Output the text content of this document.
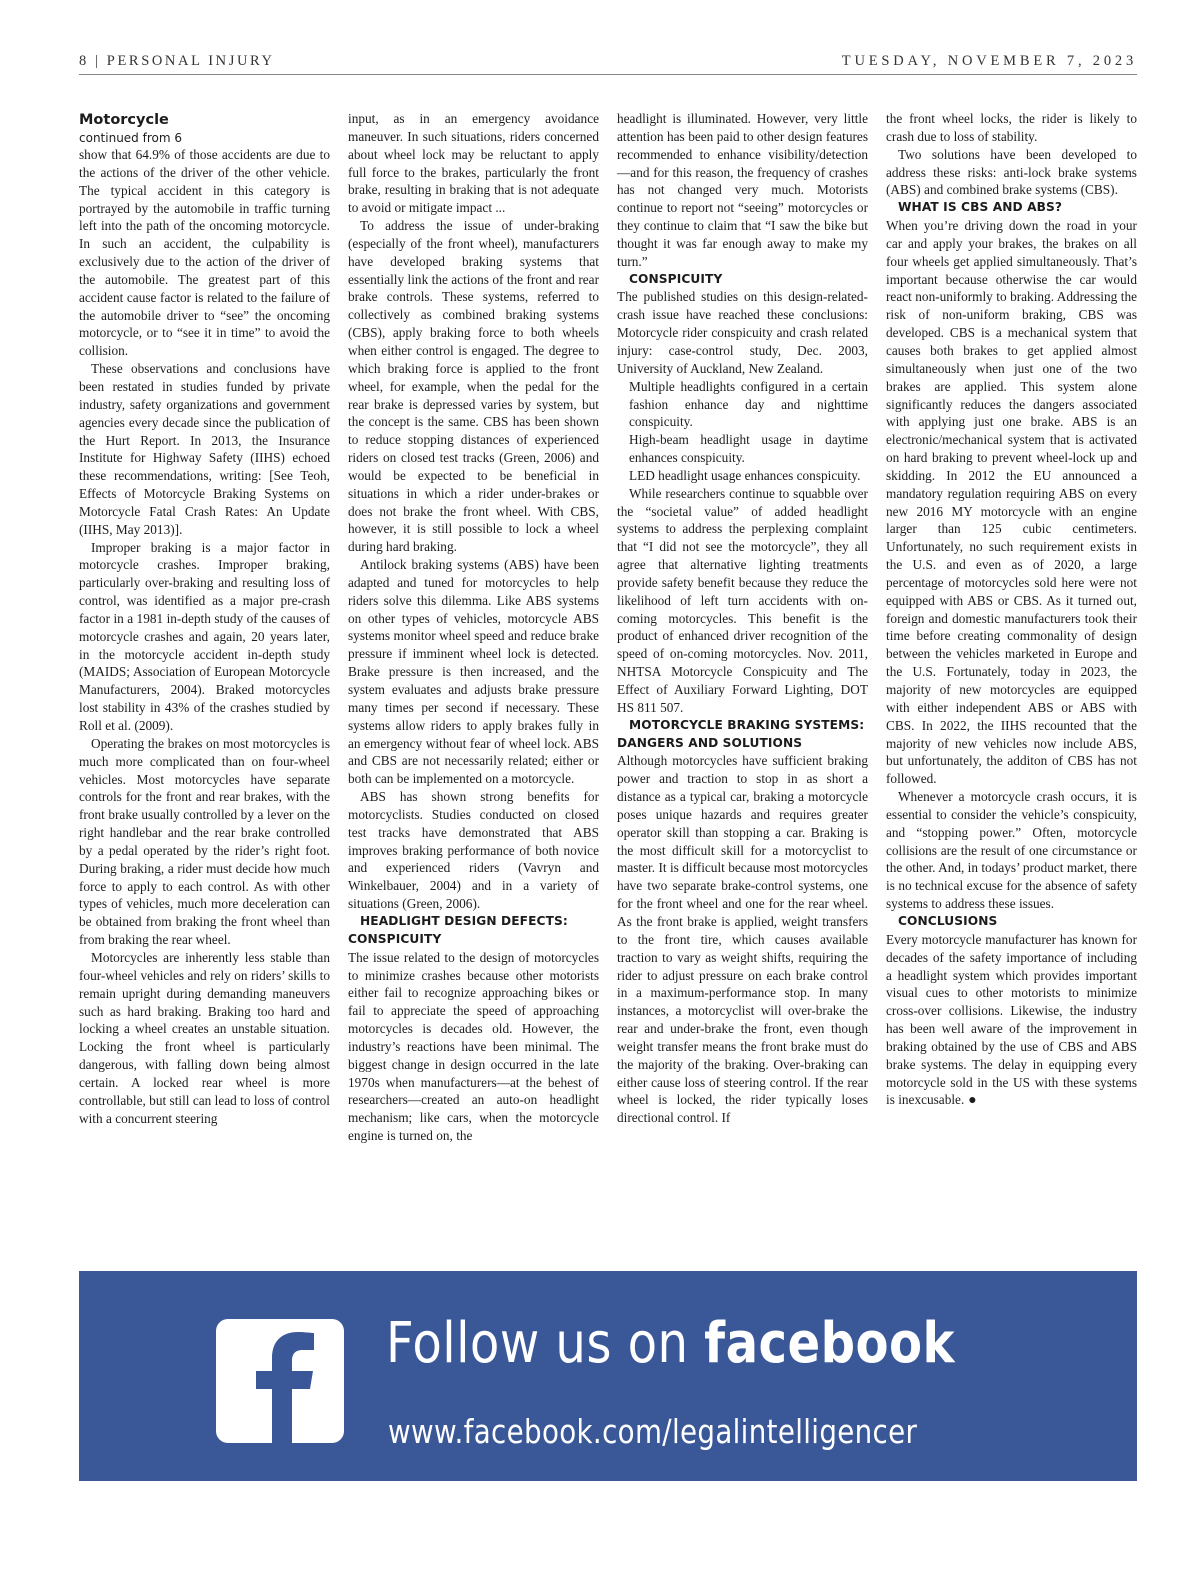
8 | PERSONAL INJURY	TUESDAY, NOVEMBER 7, 2023

Motorcycle

continued from 6

show that 64.9% of those accidents are due to the actions of the driver of the other vehicle. The typical accident in this category is portrayed by the automobile in traffic turning left into the path of the oncoming motorcycle. In such an accident, the culpability is exclusively due to the action of the driver of the automobile. The greatest part of this accident cause factor is related to the failure of the automobile driver to “see” the oncoming motorcycle, or to “see it in time” to avoid the collision.

These observations and conclusions have been restated in studies funded by private industry, safety organizations and government agencies every decade since the publication of the Hurt Report. In 2013, the Insurance Institute for Highway Safety (IIHS) echoed these recommendations, writing: [See Teoh, Effects of Motorcycle Braking Systems on Motorcycle Fatal Crash Rates: An Update (IIHS, May 2013)].

Improper braking is a major factor in motorcycle crashes. Improper braking, particularly over-braking and resulting loss of control, was identified as a major pre-crash factor in a 1981 in-depth study of the causes of motorcycle crashes and again, 20 years later, in the motorcycle accident in-depth study (MAIDS; Association of European Motorcycle Manufacturers, 2004). Braked motorcycles lost stability in 43% of the crashes studied by Roll et al. (2009).

Operating the brakes on most motorcycles is much more complicated than on four-wheel vehicles. Most motorcycles have separate controls for the front and rear brakes, with the front brake usually controlled by a lever on the right handlebar and the rear brake controlled by a pedal operated by the rider’s right foot. During braking, a rider must decide how much force to apply to each control. As with other types of vehicles, much more deceleration can be obtained from braking the front wheel than from braking the rear wheel.

Motorcycles are inherently less stable than four-wheel vehicles and rely on riders’ skills to remain upright during demanding maneuvers such as hard braking. Braking too hard and locking a wheel creates an unstable situation. Locking the front wheel is particularly dangerous, with falling down being almost certain. A locked rear wheel is more controllable, but still can lead to loss of control with a concurrent steering

input, as in an emergency avoidance maneuver. In such situations, riders concerned about wheel lock may be reluctant to apply full force to the brakes, particularly the front brake, resulting in braking that is not adequate to avoid or mitigate impact ...

To address the issue of under-braking (especially of the front wheel), manufacturers have developed braking systems that essentially link the actions of the front and rear brake controls. These systems, referred to collectively as combined braking systems (CBS), apply braking force to both wheels when either control is engaged. The degree to which braking force is applied to the front wheel, for example, when the pedal for the rear brake is depressed varies by system, but the concept is the same. CBS has been shown to reduce stopping distances of experienced riders on closed test tracks (Green, 2006) and would be expected to be beneficial in situations in which a rider under-brakes or does not brake the front wheel. With CBS, however, it is still possible to lock a wheel during hard braking.

Antilock braking systems (ABS) have been adapted and tuned for motorcycles to help riders solve this dilemma. Like ABS systems on other types of vehicles, motorcycle ABS systems monitor wheel speed and reduce brake pressure if imminent wheel lock is detected. Brake pressure is then increased, and the system evaluates and adjusts brake pressure many times per second if necessary. These systems allow riders to apply brakes fully in an emergency without fear of wheel lock. ABS and CBS are not necessarily related; either or both can be implemented on a motorcycle.

ABS has shown strong benefits for motorcyclists. Studies conducted on closed test tracks have demonstrated that ABS improves braking performance of both novice and experienced riders (Vavryn and Winkelbauer, 2004) and in a variety of situations (Green, 2006).

HEADLIGHT DESIGN DEFECTS: CONSPICUITY

The issue related to the design of motorcycles to minimize crashes because other motorists either fail to recognize approaching bikes or fail to appreciate the speed of approaching motorcycles is decades old. However, the industry’s reactions have been minimal. The biggest change in design occurred in the late 1970s when manufacturers—at the behest of researchers—created an auto-on headlight mechanism; like cars, when the motorcycle engine is turned on, the

headlight is illuminated. However, very little attention has been paid to other design features recommended to enhance visibility/detection—and for this reason, the frequency of crashes has not changed very much. Motorists continue to report not “seeing” motorcycles or they continue to claim that “I saw the bike but thought it was far enough away to make my turn.”

CONSPICUITY

The published studies on this design-related-crash issue have reached these conclusions: Motorcycle rider conspicuity and crash related injury: case-control study, Dec. 2003, University of Auckland, New Zealand.

Multiple headlights configured in a certain fashion enhance day and nighttime conspicuity.

High-beam headlight usage in daytime enhances conspicuity.

LED headlight usage enhances conspicuity.

While researchers continue to squabble over the “societal value” of added headlight systems to address the perplexing complaint that “I did not see the motorcycle”, they all agree that alternative lighting treatments provide safety benefit because they reduce the likelihood of left turn accidents with on-coming motorcycles. This benefit is the product of enhanced driver recognition of the speed of on-coming motorcycles. Nov. 2011, NHTSA Motorcycle Conspicuity and The Effect of Auxiliary Forward Lighting, DOT HS 811 507.

MOTORCYCLE BRAKING SYSTEMS: DANGERS AND SOLUTIONS

Although motorcycles have sufficient braking power and traction to stop in as short a distance as a typical car, braking a motorcycle poses unique hazards and requires greater operator skill than stopping a car. Braking is the most difficult skill for a motorcyclist to master. It is difficult because most motorcycles have two separate brake-control systems, one for the front wheel and one for the rear wheel. As the front brake is applied, weight transfers to the front tire, which causes available traction to vary as weight shifts, requiring the rider to adjust pressure on each brake control in a maximum-performance stop. In many instances, a motorcyclist will over-brake the rear and under-brake the front, even though weight transfer means the front brake must do the majority of the braking. Over-braking can either cause loss of steering control. If the rear wheel is locked, the rider typically loses directional control. If

the front wheel locks, the rider is likely to crash due to loss of stability.

Two solutions have been developed to address these risks: anti-lock brake systems (ABS) and combined brake systems (CBS).

WHAT IS CBS AND ABS?

When you’re driving down the road in your car and apply your brakes, the brakes on all four wheels get applied simultaneously. That’s important because otherwise the car would react non-uniformly to braking. Addressing the risk of non-uniform braking, CBS was developed. CBS is a mechanical system that causes both brakes to get applied almost simultaneously when just one of the two brakes are applied. This system alone significantly reduces the dangers associated with applying just one brake. ABS is an electronic/mechanical system that is activated on hard braking to prevent wheel-lock up and skidding. In 2012 the EU announced a mandatory regulation requiring ABS on every new 2016 MY motorcycle with an engine larger than 125 cubic centimeters. Unfortunately, no such requirement exists in the U.S. and even as of 2020, a large percentage of motorcycles sold here were not equipped with ABS or CBS. As it turned out, foreign and domestic manufacturers took their time before creating commonality of design between the vehicles marketed in Europe and the U.S. Fortunately, today in 2023, the majority of new motorcycles are equipped with either independent ABS or ABS with CBS. In 2022, the IIHS recounted that the majority of new vehicles now include ABS, but unfortunately, the additon of CBS has not followed.

Whenever a motorcycle crash occurs, it is essential to consider the vehicle’s conspicuity, and “stopping power.” Often, motorcycle collisions are the result of one circumstance or the other. And, in todays’ product market, there is no technical excuse for the absence of safety systems to address these issues.

CONCLUSIONS

Every motorcycle manufacturer has known for decades of the safety importance of including a headlight system which provides important visual cues to other motorists to minimize cross-over collisions. Likewise, the industry has been well aware of the improvement in braking obtained by the use of CBS and ABS brake systems. The delay in equipping every motorcycle sold in the US with these systems is inexcusable. ●

Follow us on facebook
www.facebook.com/legalintelligencer
